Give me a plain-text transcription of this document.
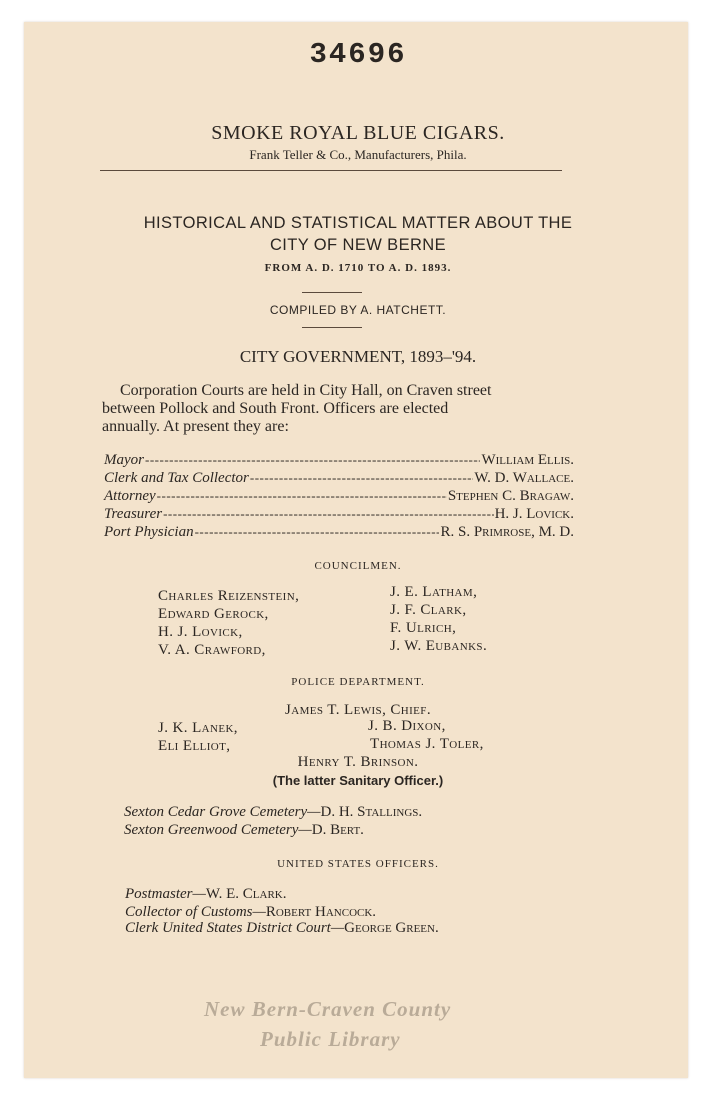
34696
SMOKE ROYAL BLUE CIGARS.
Frank Teller & Co., Manufacturers, Phila.
HISTORICAL AND STATISTICAL MATTER ABOUT THE
CITY OF NEW BERNE
FROM A. D. 1710 TO A. D. 1893.
COMPILED BY A. HATCHETT.
CITY GOVERNMENT, 1893–'94.
Corporation Courts are held in City Hall, on Craven street
between Pollock and South Front. Officers are elected
annually. At present they are:
Mayor -----	William Ellis.
Clerk and Tax Collector -----	W. D. Wallace.
Attorney -----	Stephen C. Bragaw.
Treasurer -----	H. J. Lovick.
Port Physician -----	R. S. Primrose, M. D.
COUNCILMEN.
Charles Reizenstein,
Edward Gerock,
H. J. Lovick,
V. A. Crawford,
J. E. Latham,
J. F. Clark,
F. Ulrich,
J. W. Eubanks.
POLICE DEPARTMENT.
James T. Lewis, Chief.
J. K. Lanek,	J. B. Dixon,
Eli Elliot,	Thomas J. Toler,
Henry T. Brinson.
(The latter Sanitary Officer.)
Sexton Cedar Grove Cemetery—D. H. Stallings.
Sexton Greenwood Cemetery—D. Bert.
UNITED STATES OFFICERS.
Postmaster—W. E. Clark.
Collector of Customs—Robert Hancock.
Clerk United States District Court—George Green.
New Bern-Craven County
Public Library
